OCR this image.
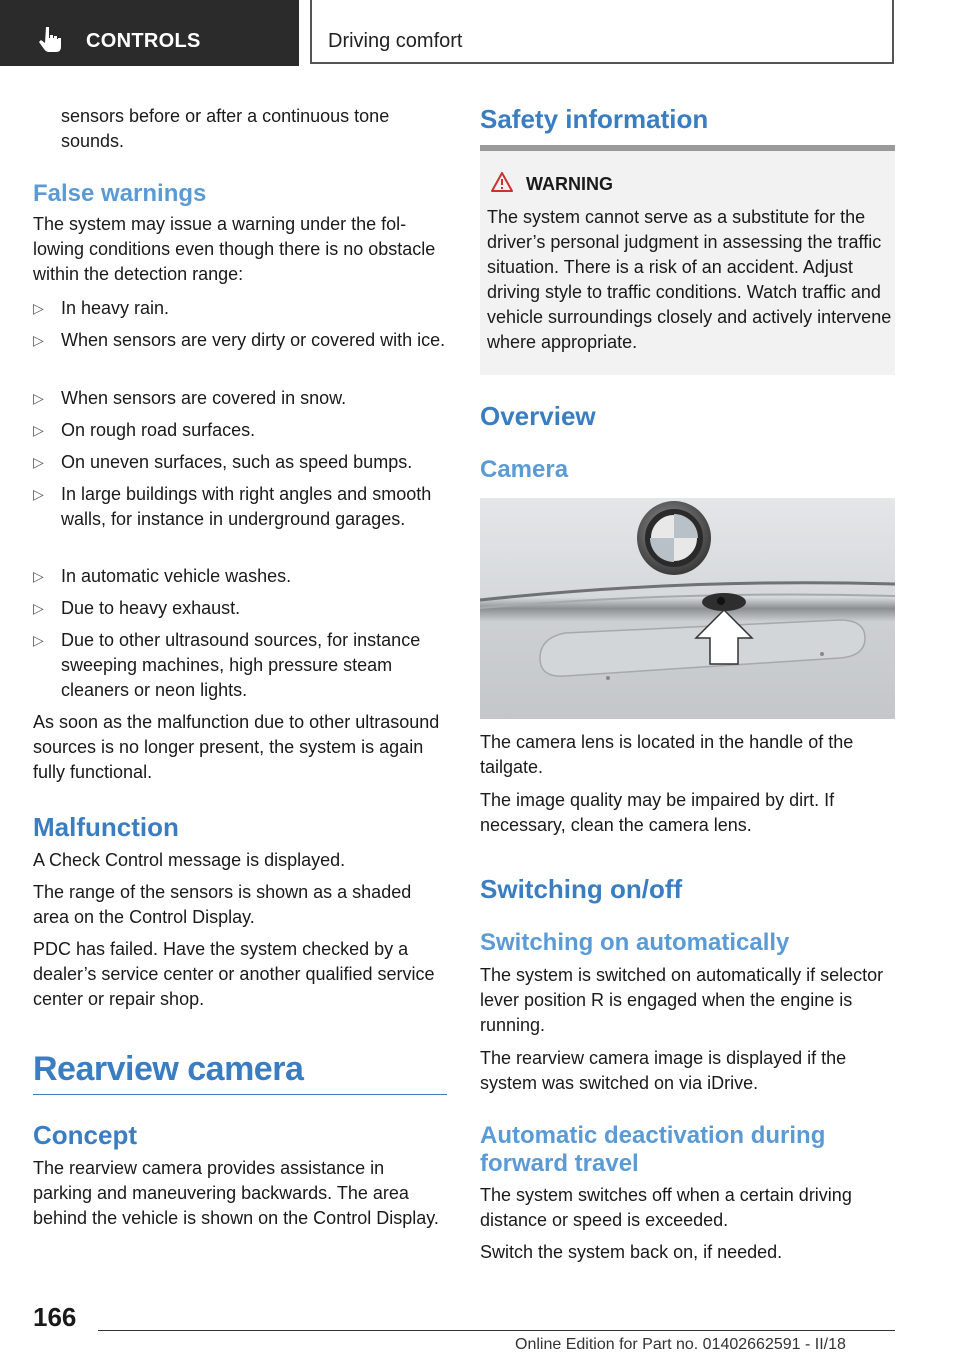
CONTROLS	Driving comfort

sensors before or after a continuous tone sounds.

False warnings

The system may issue a warning under the following conditions even though there is no obstacle within the detection range:

▷ In heavy rain.
▷ When sensors are very dirty or covered with ice.
▷ When sensors are covered in snow.
▷ On rough road surfaces.
▷ On uneven surfaces, such as speed bumps.
▷ In large buildings with right angles and smooth walls, for instance in underground garages.
▷ In automatic vehicle washes.
▷ Due to heavy exhaust.
▷ Due to other ultrasound sources, for instance sweeping machines, high pressure steam cleaners or neon lights.

As soon as the malfunction due to other ultrasound sources is no longer present, the system is again fully functional.

Malfunction

A Check Control message is displayed.

The range of the sensors is shown as a shaded area on the Control Display.

PDC has failed. Have the system checked by a dealer’s service center or another qualified service center or repair shop.

Rearview camera
Concept

The rearview camera provides assistance in parking and maneuvering backwards. The area behind the vehicle is shown on the Control Display.

Safety information
WARNING

The system cannot serve as a substitute for the driver’s personal judgment in assessing the traffic situation. There is a risk of an accident. Adjust driving style to traffic conditions. Watch traffic and vehicle surroundings closely and actively intervene where appropriate.

Overview
Camera

The camera lens is located in the handle of the tailgate.

The image quality may be impaired by dirt. If necessary, clean the camera lens.

Switching on/off
Switching on automatically

The system is switched on automatically if selector lever position R is engaged when the engine is running.

The rearview camera image is displayed if the system was switched on via iDrive.

Automatic deactivation during forward travel

The system switches off when a certain driving distance or speed is exceeded.

Switch the system back on, if needed.

166
Online Edition for Part no. 01402662591 - II/18
